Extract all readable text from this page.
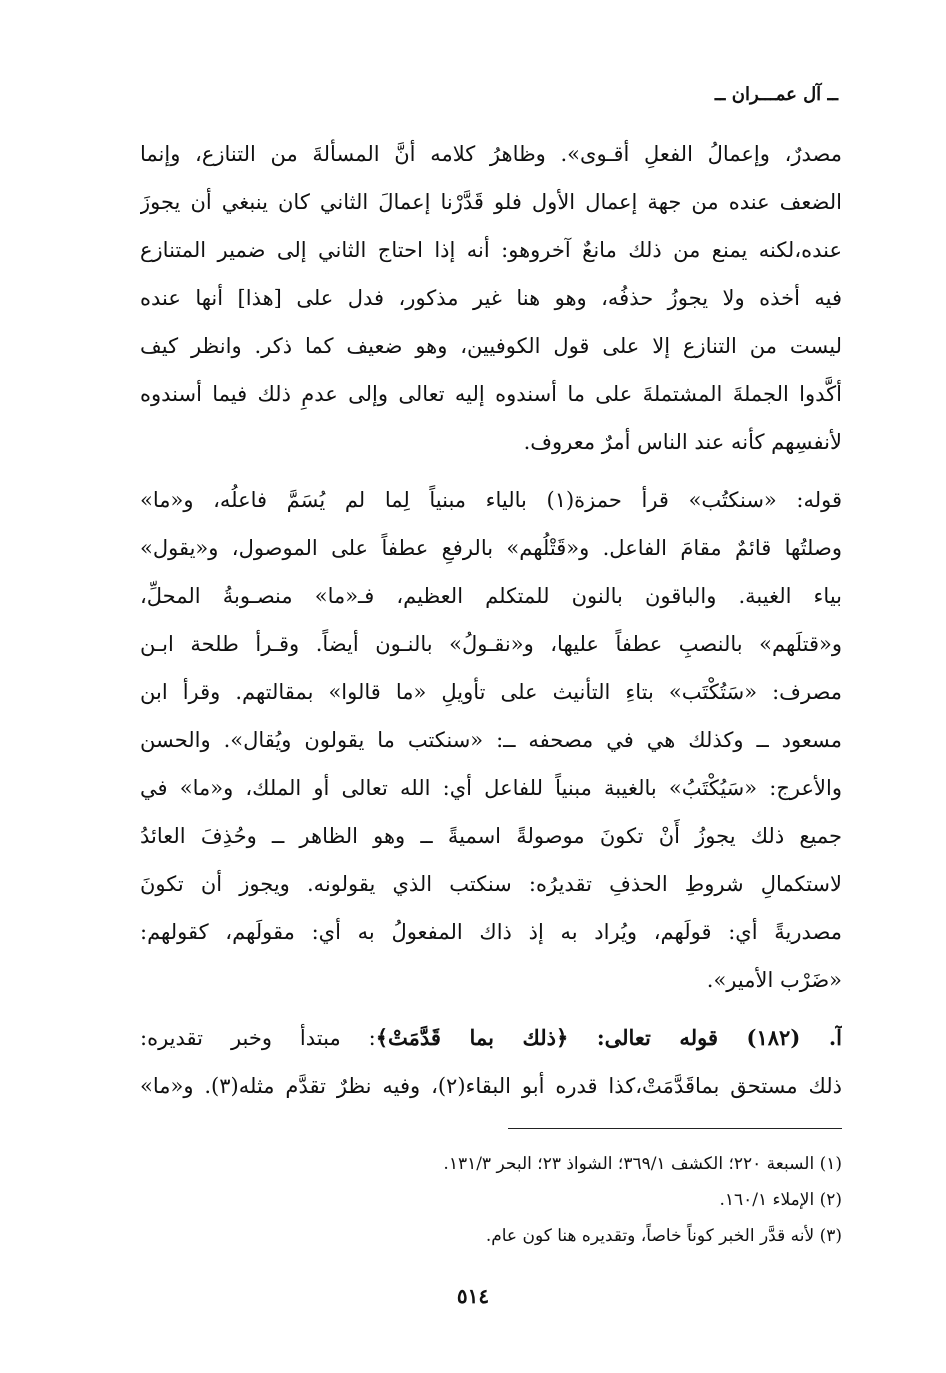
ــ آل عمـــران ــ
مصدرٌ، وإعمالُ الفعلِ أقـوى». وظاهرُ كلامه أنَّ المسألةَ من التنازع، وإنما
الضعف عنده من جهة إعمال الأول فلو قَدَّرْنا إعمالَ الثاني كان ينبغي أن يجوزَ
عنده،لكنه يمنع من ذلك مانعٌ آخروهو: أنه إذا احتاج الثاني إلى ضمير المتنازع
فيه أخذه ولا يجوزُ حذفُه، وهو هنا غير مذكور، فدل على [هذا] أنها عنده
ليست من التنازع إلا على قول الكوفيين، وهو ضعيف كما ذكر. وانظر كيف
أكَّدوا الجملةَ المشتملةَ على ما أسندوه إليه تعالى وإلى عدمِ ذلك فيما أسندوه
لأنفسِهم كأنه عند الناس أمرٌ معروف.
قوله: «سنكتُب» قرأ حمزة(١) بالياء مبنياً لِما لم يُسَمَّ فاعلُه، و«ما»
وصلتُها قائمٌ مقامَ الفاعل. و«قَتْلُهم» بالرفعِ عطفاً على الموصول، و«يقول»
بياء الغيبة. والباقون بالنون للمتكلم العظيم، فـ«ما» منصـوبةُ المحلِّ،
و«قتلَهم» بالنصبِ عطفاً عليها، و«نقـولُ» بالنـون أيضاً. وقـرأ طلحة ابـن
مصرف: «سَتُكْتَب» بتاءِ التأنيث على تأويلِ «ما قالوا» بمقالتهم. وقرأ ابن
مسعود ــ وكذلك هي في مصحفه ــ: «سنكتب ما يقولون ويُقال». والحسن
والأعرج: «سَيُكْتَبُ» بالغيبة مبنياً للفاعل أي: الله تعالى أو الملك، و«ما» في
جميع ذلك يجوزُ أَنْ تكونَ موصولةً اسميةً ــ وهو الظاهر ــ وحُذِفَ العائدُ
لاستكمالِ شروطِ الحذفِ تقديرُه: سنكتب الذي يقولونه. ويجوز أن تكونَ
مصدريةً أي: قولَهم، ويُراد به إذ ذاك المفعولُ به أي: مقولَهم، كقولهم:
«ضَرْب الأمير».
آ. (١٨٢) قوله تعالى: ﴿ذلك بما قَدَّمَتْ﴾: مبتدأ وخبر تقديره:
ذلك مستحق بماقَدَّمَتْ،كذا قدره أبو البقاء(٢)، وفيه نظرٌ تقدَّم مثله(٣). و«ما»
(١) السبعة ٢٢٠؛ الكشف ٣٦٩/١؛ الشواذ ٢٣؛ البحر ١٣١/٣.
(٢) الإملاء ١٦٠/١.
(٣) لأنه قدَّر الخبر كوناً خاصاً، وتقديره هنا كون عام.
٥١٤
